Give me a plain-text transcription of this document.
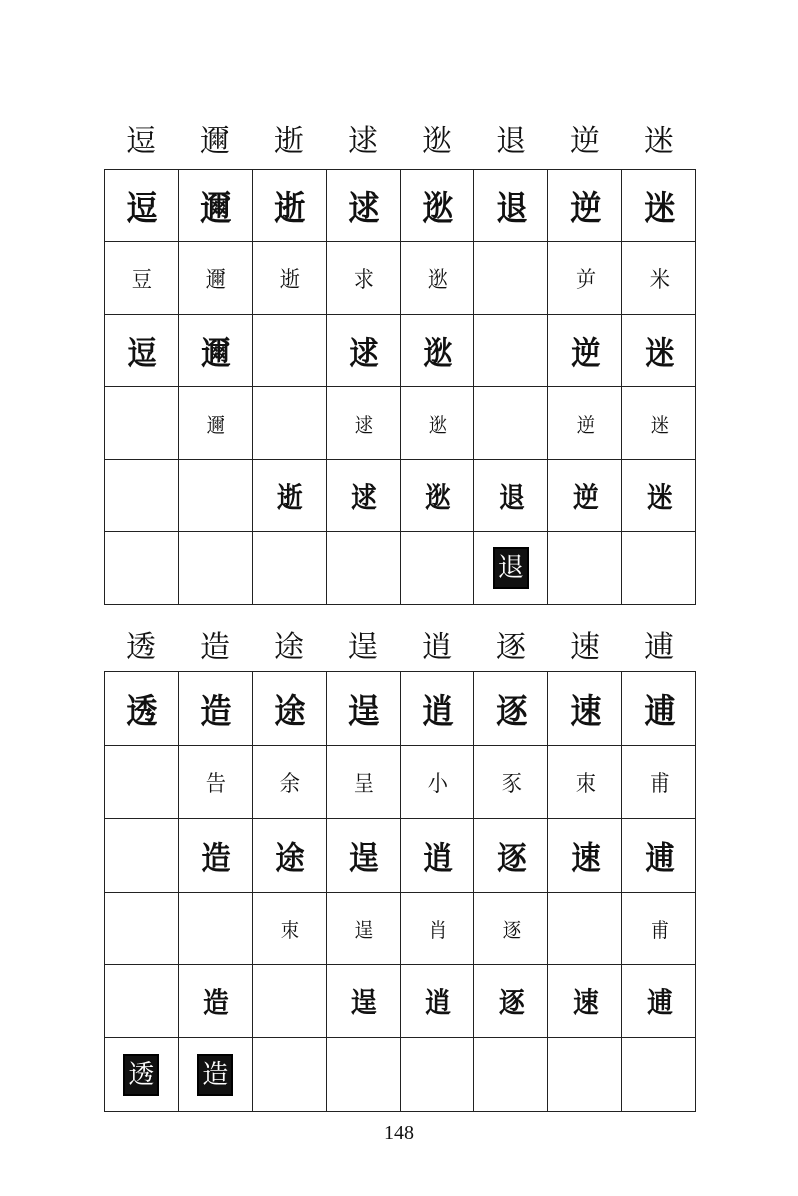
逗	邇	逝	逑	逖	退	逆	迷
逗	邇	逝	逑	逖	退	逆	迷
豆	邇	逝	求	逖		屰	米
逗	邇		逑	逖		逆	迷
	邇		逑	逖		逆	迷
		逝	逑	逖	退	逆	迷
					退		
透	造	途	逞	逍	逐	速	逋
透	造	途	逞	逍	逐	速	逋
	告	余	呈	小	豕	朿	甫
	造	途	逞	逍	逐	速	逋
		朿	逞	肖	逐		甫
	造		逞	逍	逐	速	逋
透	造						
148
